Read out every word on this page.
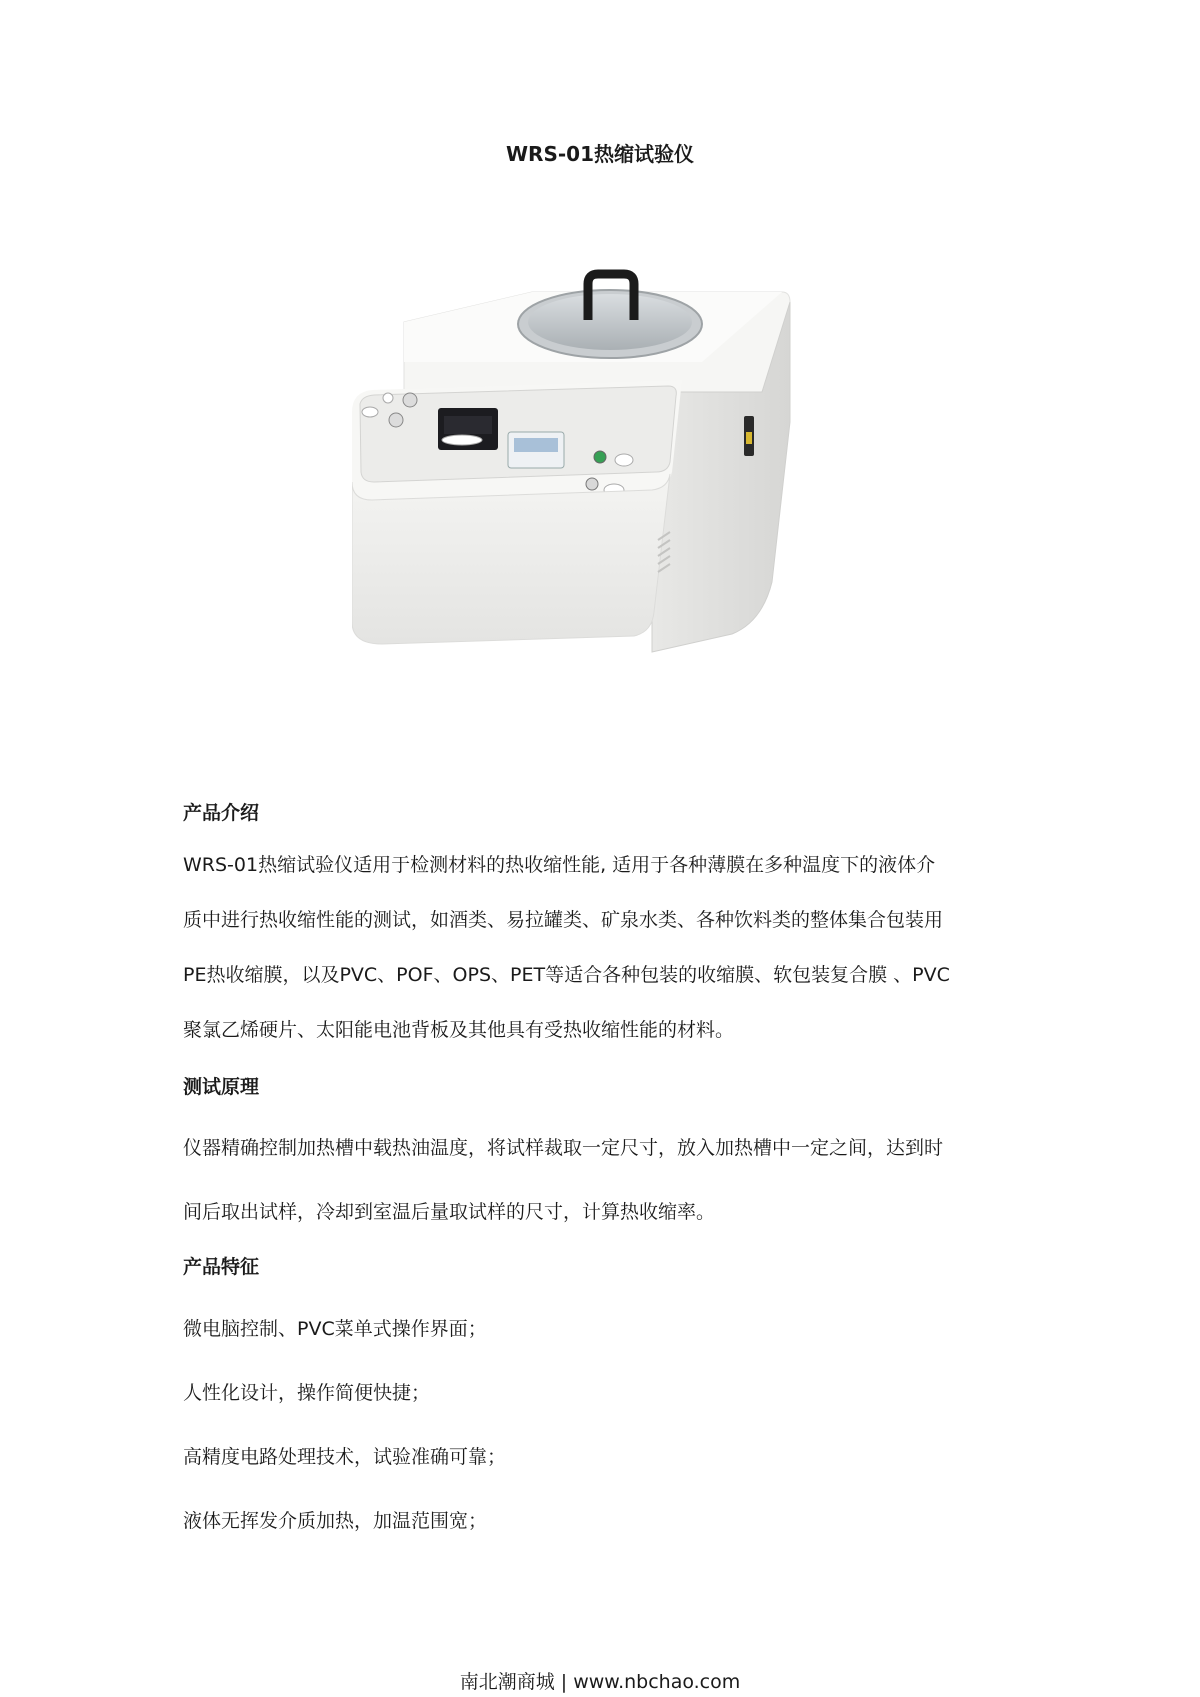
WRS-01热缩试验仪
产品介绍
WRS-01热缩试验仪适用于检测材料的热收缩性能, 适用于各种薄膜在多种温度下的液体介
质中进行热收缩性能的测试，如酒类、易拉罐类、矿泉水类、各种饮料类的整体集合包装用
PE热收缩膜，以及PVC、POF、OPS、PET等适合各种包装的收缩膜、软包装复合膜 、PVC
聚氯乙烯硬片、太阳能电池背板及其他具有受热收缩性能的材料。
测试原理
仪器精确控制加热槽中载热油温度，将试样裁取一定尺寸，放入加热槽中一定之间，达到时
间后取出试样，冷却到室温后量取试样的尺寸，计算热收缩率。
产品特征
微电脑控制、PVC菜单式操作界面；
人性化设计，操作简便快捷；
高精度电路处理技术，试验准确可靠；
液体无挥发介质加热，加温范围宽；
南北潮商城 | www.nbchao.com
